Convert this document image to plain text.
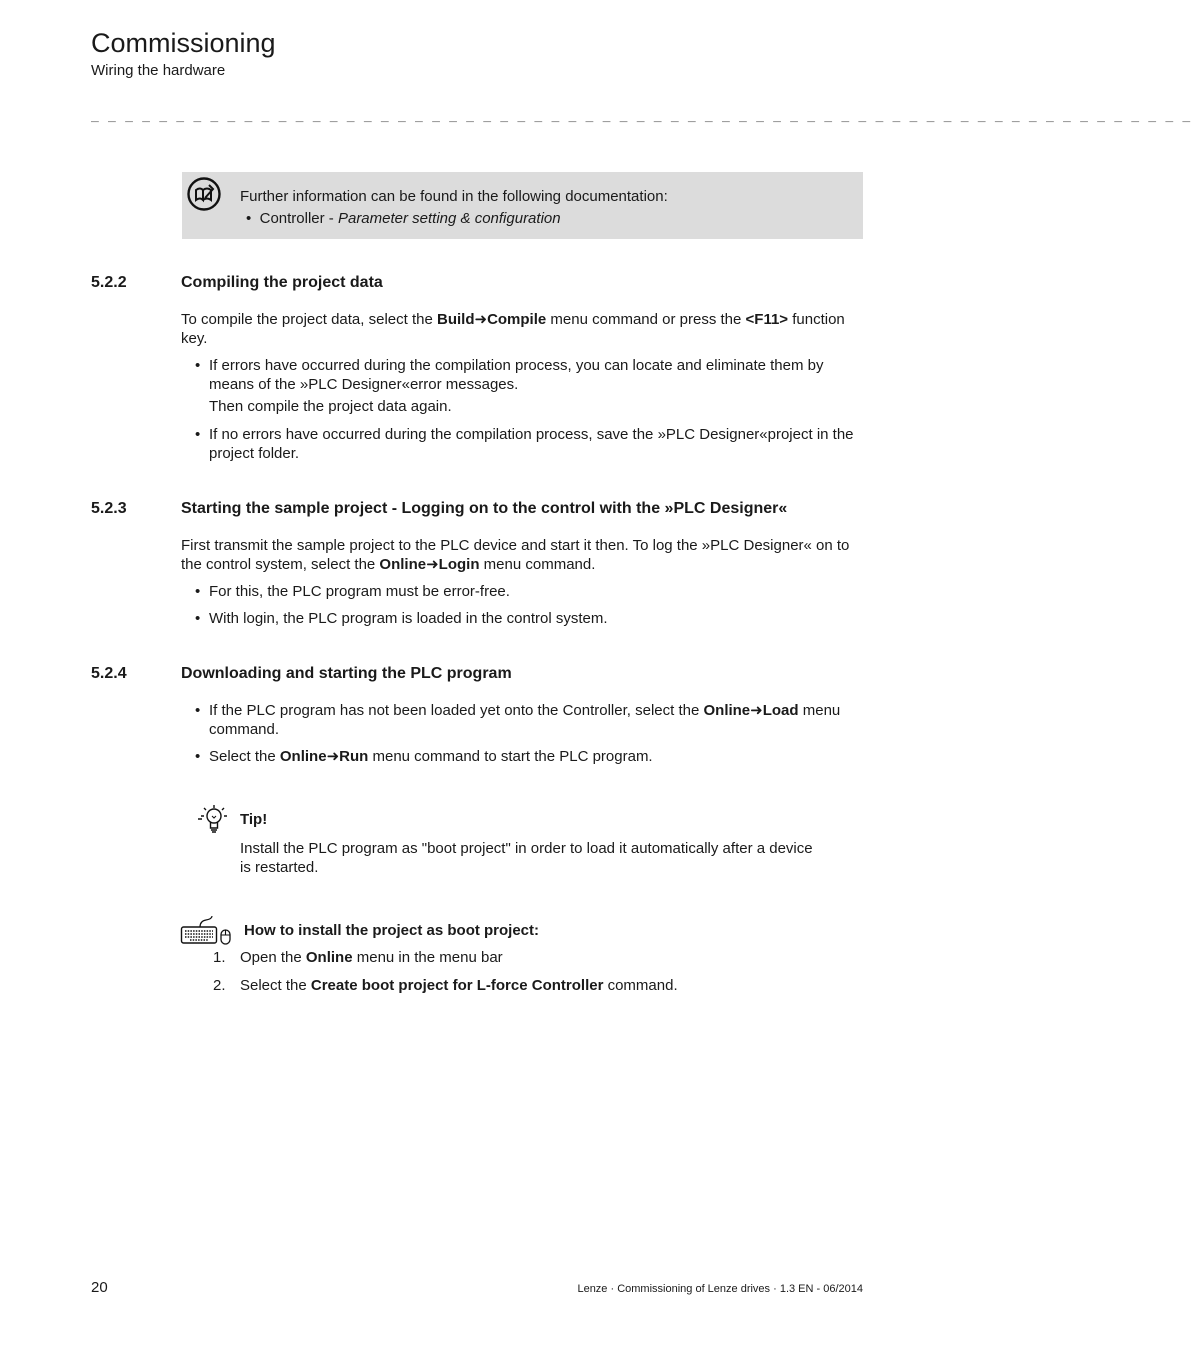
Commissioning
Wiring the hardware
_ _ _ _ _ _ _ _ _ _ _ _ _ _ _ _ _ _ _ _ _ _ _ _ _ _ _ _ _ _ _ _ _ _ _ _ _ _ _ _ _ _ _ _ _ _ _ _ _ _ _ _ _ _ _ _ _ _ _ _ _ _ _ _ _
Further information can be found in the following documentation:
• Controller - Parameter setting & configuration
5.2.2	Compiling the project data
To compile the project data, select the Build➜Compile menu command or press the <F11> function
key.
• If errors have occurred during the compilation process, you can locate and eliminate them by
means of the »PLC Designer«error messages.
Then compile the project data again.
• If no errors have occurred during the compilation process, save the »PLC Designer«project in the
project folder.
5.2.3	Starting the sample project - Logging on to the control with the »PLC Designer«
First transmit the sample project to the PLC device and start it then. To log the »PLC Designer« on to
the control system, select the Online➜Login menu command.
• For this, the PLC program must be error-free.
• With login, the PLC program is loaded in the control system.
5.2.4	Downloading and starting the PLC program
• If the PLC program has not been loaded yet onto the Controller, select the Online➜Load menu
command.
• Select the Online➜Run menu command to start the PLC program.
Tip!
Install the PLC program as "boot project" in order to load it automatically after a device
is restarted.
How to install the project as boot project:
1. Open the Online menu in the menu bar
2. Select the Create boot project for L-force Controller command.
20	Lenze · Commissioning of Lenze drives · 1.3 EN - 06/2014
